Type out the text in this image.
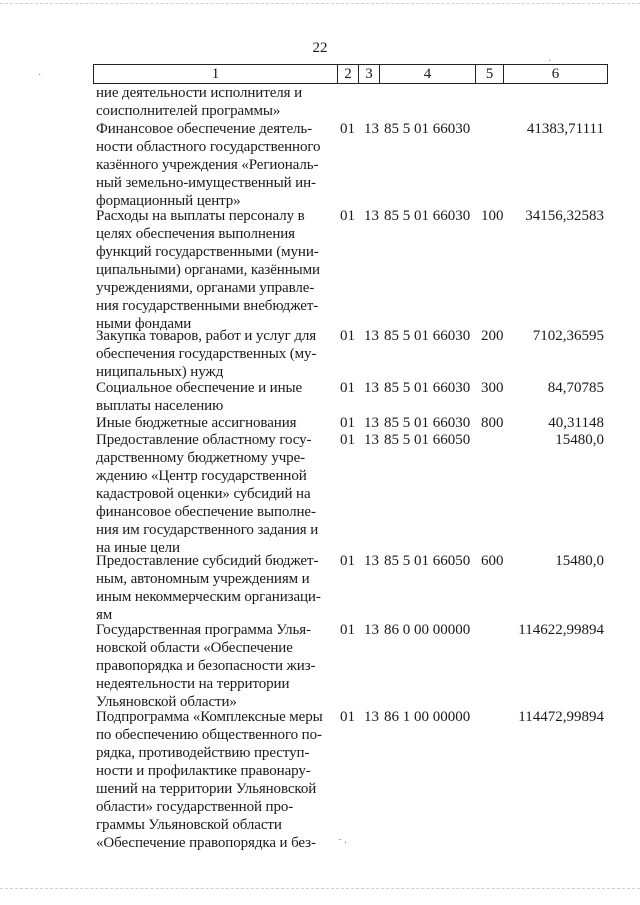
22
1	2 3	4	5	6
ние деятельности исполнителя и
соисполнителей программы»
Финансовое обеспечение деятель-
ности областного государственного
казённого учреждения «Региональ-
ный земельно-имущественный ин-
формационный центр»
01 13 85 5 01 66030	41383,71111
Расходы на выплаты персоналу в
целях обеспечения выполнения
функций государственными (муни-
ципальными) органами, казёнными
учреждениями, органами управле-
ния государственными внебюджет-
ными фондами
01 13 85 5 01 66030 100	34156,32583
Закупка товаров, работ и услуг для
обеспечения государственных (му-
ниципальных) нужд
01 13 85 5 01 66030 200	7102,36595
Социальное обеспечение и иные
выплаты населению
01 13 85 5 01 66030 300	84,70785
Иные бюджетные ассигнования	01 13 85 5 01 66030 800	40,31148
Предоставление областному госу-
дарственному бюджетному учре-
ждению «Центр государственной
кадастровой оценки» субсидий на
финансовое обеспечение выполне-
ния им государственного задания и
на иные цели
01 13 85 5 01 66050	15480,0
Предоставление субсидий бюджет-
ным, автономным учреждениям и
иным некоммерческим организаци-
ям
01 13 85 5 01 66050 600	15480,0
Государственная программа Улья-
новской области «Обеспечение
правопорядка и безопасности жиз-
недеятельности на территории
Ульяновской области»
01 13 86 0 00 00000	114622,99894
Подпрограмма «Комплексные меры
по обеспечению общественного по-
рядка, противодействию преступ-
ности и профилактике правонару-
шений на территории Ульяновской
области» государственной про-
граммы Ульяновской области
«Обеспечение правопорядка и без-
01 13 86 1 00 00000	114472,99894
˜ ·
·
·
